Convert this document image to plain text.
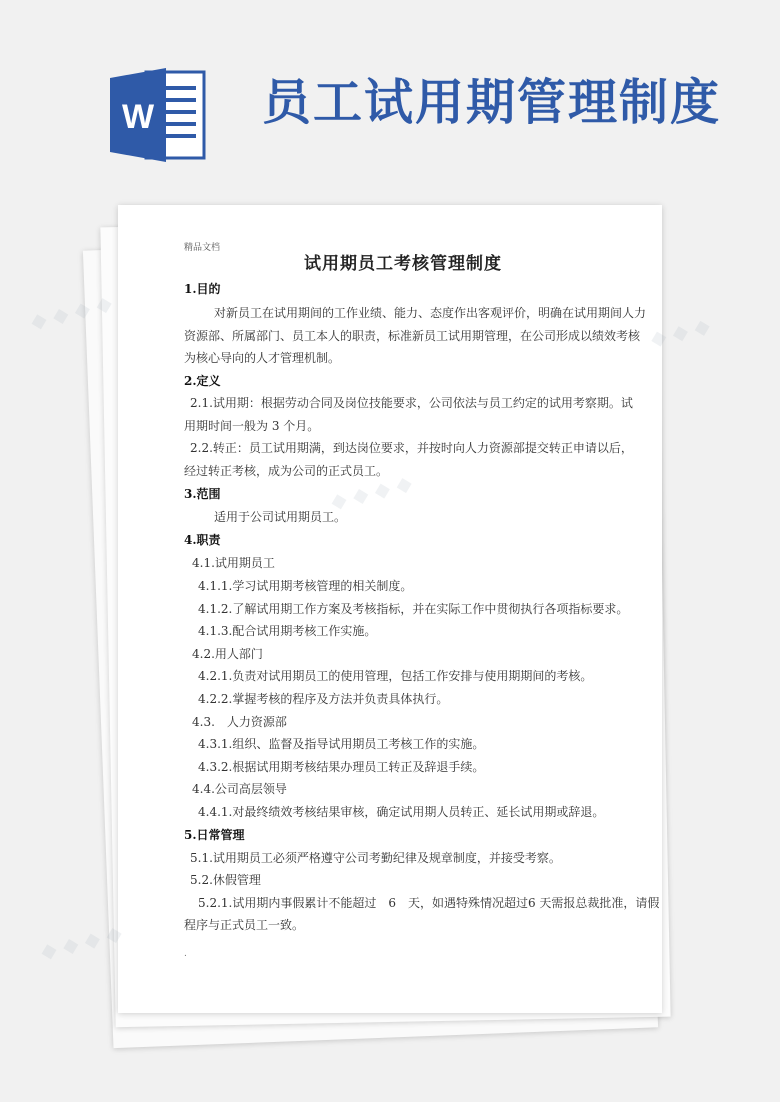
W 员工试用期管理制度
精品文档
试用期员工考核管理制度
.
1.目的
对新员工在试用期间的工作业绩、能力、态度作出客观评价，明确在试用期间人力
资源部、所属部门、员工本人的职责，标准新员工试用期管理，在公司形成以绩效考核
为核心导向的人才管理机制。
2.定义
2.1.试用期：根据劳动合同及岗位技能要求，公司依法与员工约定的试用考察期。试
用期时间一般为 3 个月。
2.2.转正：员工试用期满，到达岗位要求，并按时向人力资源部提交转正申请以后，
经过转正考核，成为公司的正式员工。
3.范围
适用于公司试用期员工。
4.职责
4.1.试用期员工
4.1.1.学习试用期考核管理的相关制度。
4.1.2.了解试用期工作方案及考核指标，并在实际工作中贯彻执行各项指标要求。
4.1.3.配合试用期考核工作实施。
4.2.用人部门
4.2.1.负责对试用期员工的使用管理，包括工作安排与使用期期间的考核。
4.2.2.掌握考核的程序及方法并负责具体执行。
4.3.　人力资源部
4.3.1.组织、监督及指导试用期员工考核工作的实施。
4.3.2.根据试用期考核结果办理员工转正及辞退手续。
4.4.公司高层领导
4.4.1.对最终绩效考核结果审核，确定试用期人员转正、延长试用期或辞退。
5.日常管理
5.1.试用期员工必须严格遵守公司考勤纪律及规章制度，并接受考察。
5.2.休假管理
5.2.1.试用期内事假累计不能超过　6　天，如遇特殊情况超过6 天需报总裁批准，请假
程序与正式员工一致。
◆ ◆ ◆ ◆	◆ ◆ ◆
◆ ◆ ◆ ◆
